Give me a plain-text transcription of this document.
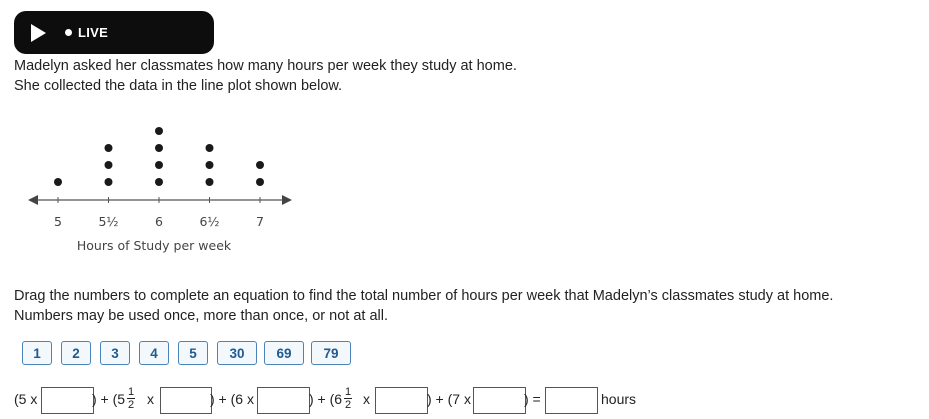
LIVE
Madelyn asked her classmates how many hours per week they study at home.
She collected the data in the line plot shown below.
5	5½	6	6½	7
Hours of Study per week
1	2	3	4	5	30	69	79
(5 x	) + (5 1
2 x	) + (6 x	) + (6 1
2 x	) + (7 x	) =	hours
Drag the numbers to complete an equation to find the total number of hours per week that Madelyn’s classmates study at home.
Numbers may be used once, more than once, or not at all.
